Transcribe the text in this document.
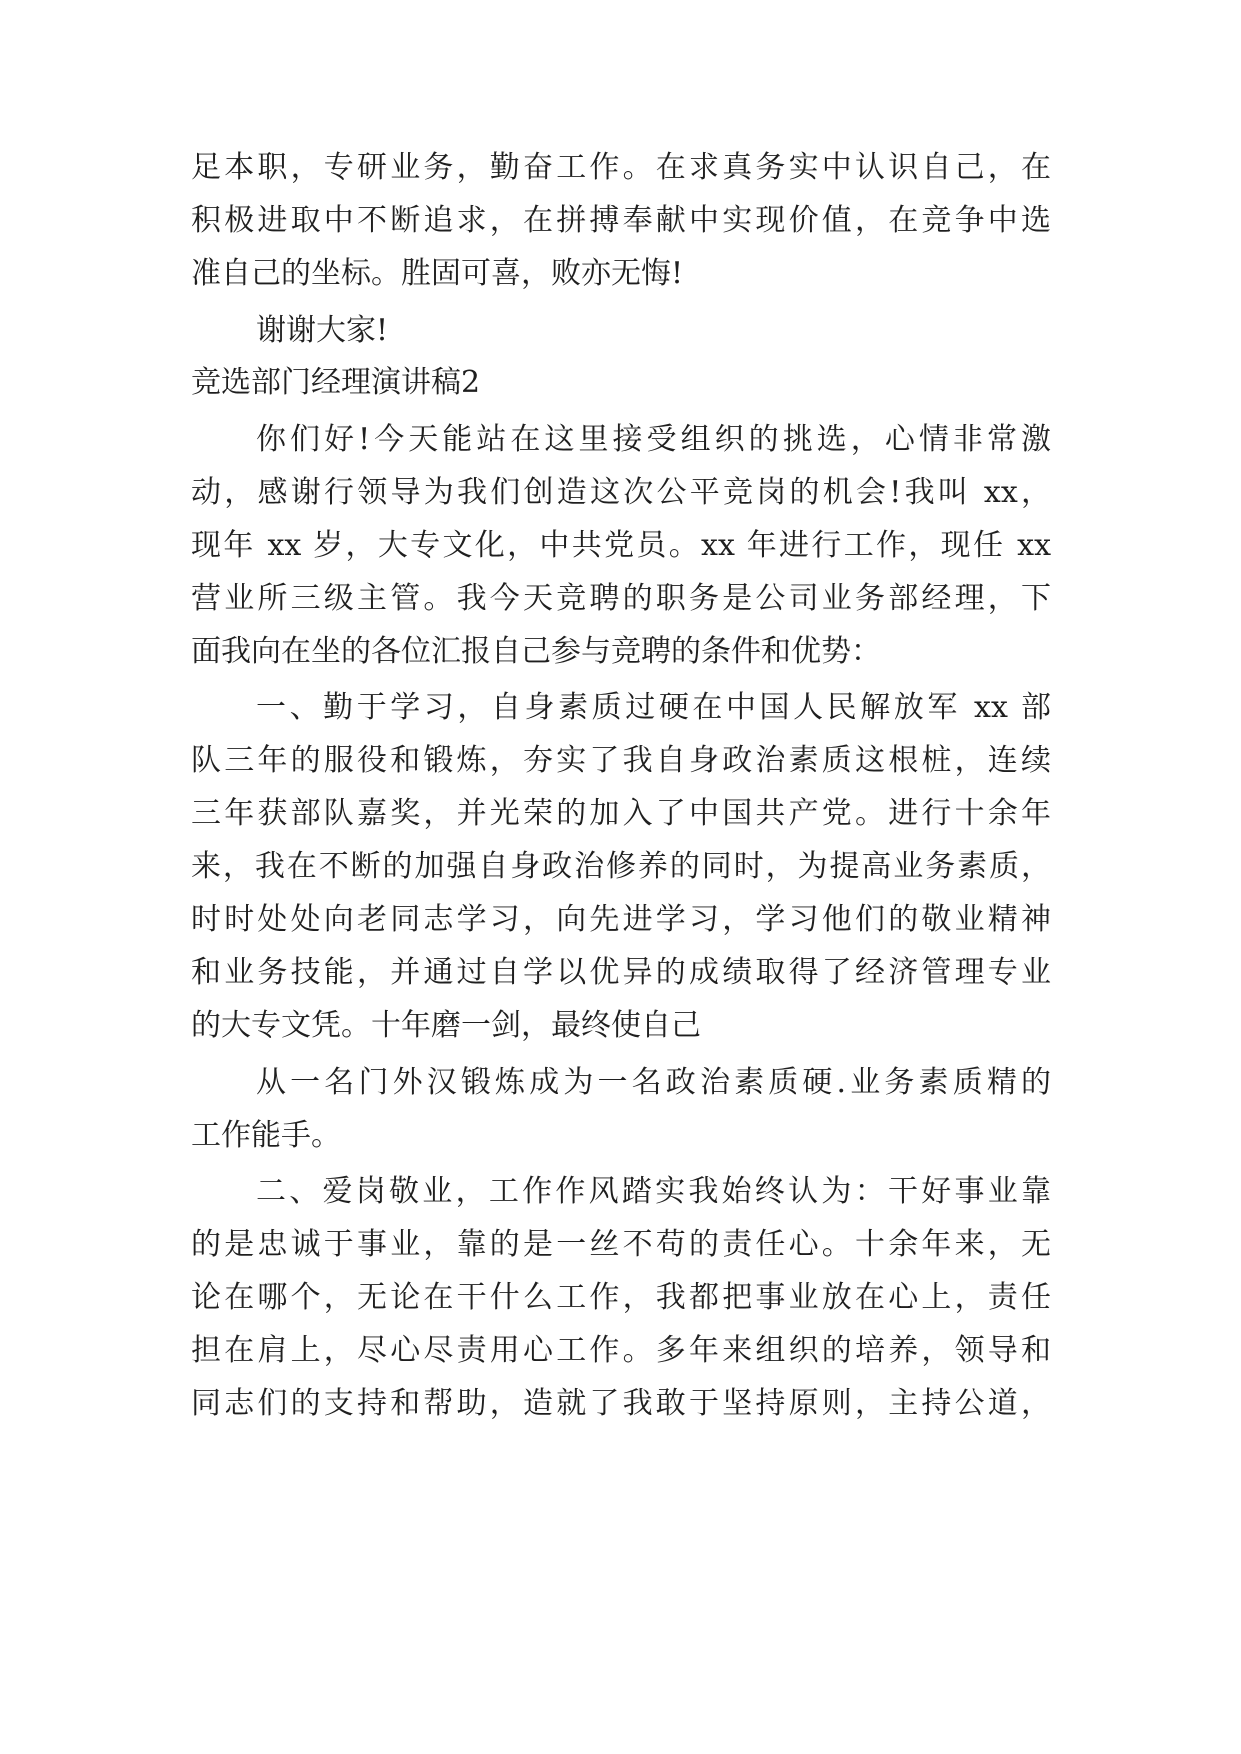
足本职，专研业务，勤奋工作。在求真务实中认识自己，在
积极进取中不断追求，在拼搏奉献中实现价值，在竞争中选
准自己的坐标。胜固可喜，败亦无悔!
谢谢大家!
竞选部门经理演讲稿2
你们好!今天能站在这里接受组织的挑选，心情非常激
动，感谢行领导为我们创造这次公平竞岗的机会!我叫 xx，
现年 xx 岁，大专文化，中共党员。xx 年进行工作，现任 xx
营业所三级主管。我今天竞聘的职务是公司业务部经理，下
面我向在坐的各位汇报自己参与竞聘的条件和优势：
一、勤于学习，自身素质过硬在中国人民解放军 xx 部
队三年的服役和锻炼，夯实了我自身政治素质这根桩，连续
三年获部队嘉奖，并光荣的加入了中国共产党。进行十余年
来，我在不断的加强自身政治修养的同时，为提高业务素质，
时时处处向老同志学习，向先进学习，学习他们的敬业精神
和业务技能，并通过自学以优异的成绩取得了经济管理专业
的大专文凭。十年磨一剑，最终使自己
从一名门外汉锻炼成为一名政治素质硬.业务素质精的
工作能手。
二、爱岗敬业，工作作风踏实我始终认为：干好事业靠
的是忠诚于事业，靠的是一丝不苟的责任心。十余年来，无
论在哪个，无论在干什么工作，我都把事业放在心上，责任
担在肩上，尽心尽责用心工作。多年来组织的培养，领导和
同志们的支持和帮助，造就了我敢于坚持原则，主持公道，
